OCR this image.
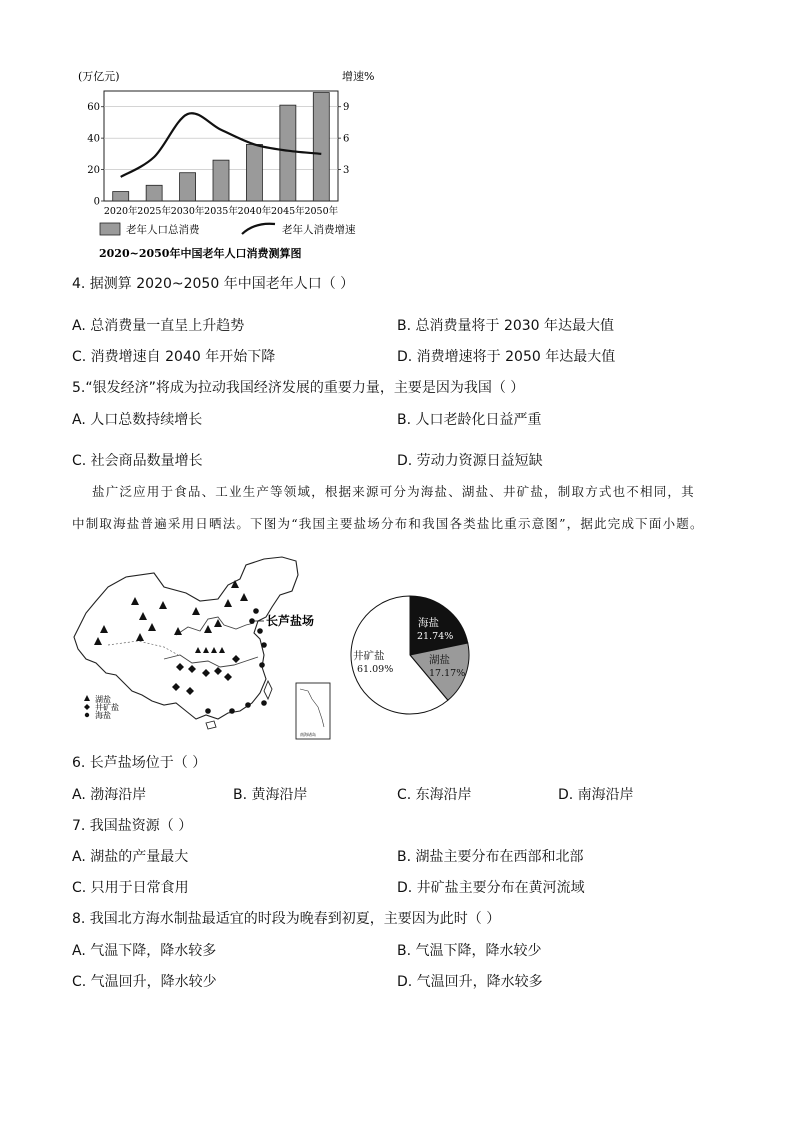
(万亿元)	增速%
0
20
40
60
3
6
9
2020年 2025年 2030年 2035年 2040年 2045年 2050年
老年人口总消费	老年人消费增速
2020~2050年中国老年人口消费测算图
4. 据测算 2020~2050 年中国老年人口（ ）
A. 总消费量一直呈上升趋势	B. 总消费量将于 2030 年达最大值
C. 消费增速自 2040 年开始下降	D. 消费增速将于 2050 年达最大值
5.“银发经济”将成为拉动我国经济发展的重要力量，主要是因为我国（ ）
A. 人口总数持续增长	B. 人口老龄化日益严重
C. 社会商品数量增长	D. 劳动力资源日益短缺
盐广泛应用于食品、工业生产等领域，根据来源可分为海盐、湖盐、井矿盐，制取方式也不相同，其
中制取海盐普遍采用日晒法。下图为“我国主要盐场分布和我国各类盐比重示意图”，据此完成下面小题。
长芦盐场
湖盐
井矿盐
海盐
南海诸岛
海盐
21.74%
湖盐
17.17%
井矿盐
61.09%
6. 长芦盐场位于（ ）
A. 渤海沿岸	B. 黄海沿岸	C. 东海沿岸	D. 南海沿岸
7. 我国盐资源（ ）
A. 湖盐的产量最大	B. 湖盐主要分布在西部和北部
C. 只用于日常食用	D. 井矿盐主要分布在黄河流域
8. 我国北方海水制盐最适宜的时段为晚春到初夏，主要因为此时（ ）
A. 气温下降，降水较多	B. 气温下降，降水较少
C. 气温回升，降水较少	D. 气温回升，降水较多
